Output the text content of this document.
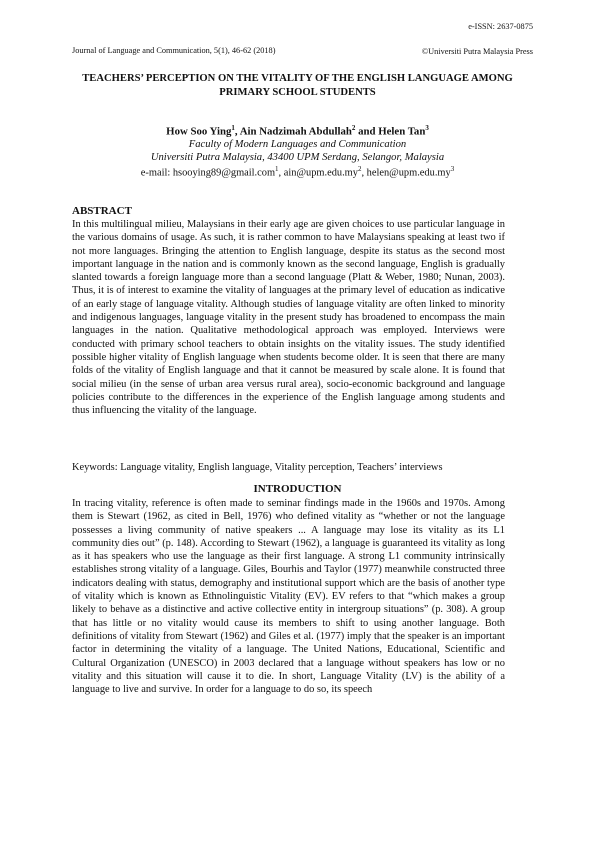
e-ISSN: 2637-0875
Journal of Language and Communication, 5(1), 46-62 (2018)	©Universiti Putra Malaysia Press
TEACHERS’ PERCEPTION ON THE VITALITY OF THE ENGLISH LANGUAGE AMONG PRIMARY SCHOOL STUDENTS
How Soo Ying$^1$, Ain Nadzimah Abdullah$^2$ and Helen Tan$^3$
Faculty of Modern Languages and Communication
Universiti Putra Malaysia, 43400 UPM Serdang, Selangor, Malaysia
e-mail: hsooying89@gmail.com$^1$, $ain@upm.edu.my^2$, $helen@upm.edu.my^3$
ABSTRACT

In this multilingual milieu, Malaysians in their early age are given choices to use particular language in the various domains of usage. As such, it is rather common to have Malaysians speaking at least two if not more languages. Bringing the attention to English language, despite its status as the second most important language in the nation and is commonly known as the second language, English is gradually slanted towards a foreign language more than a second language (Platt & Weber, 1980; Nunan, 2003). Thus, it is of interest to examine the vitality of languages at the primary level of education as indicative of an early stage of language vitality. Although studies of language vitality are often linked to minority and indigenous languages, language vitality in the present study has broadened to encompass the main languages in the nation. Qualitative methodological approach was employed. Interviews were conducted with primary school teachers to obtain insights on the vitality issues. The study identified possible higher vitality of English language when students become older. It is seen that there are many folds of the vitality of English language and that it cannot be measured by scale alone. It is found that social milieu (in the sense of urban area versus rural area), socio-economic background and language policies contribute to the differences in the experience of the English language among students and thus influencing the vitality of the language.

Keywords: Language vitality, English language, Vitality perception, Teachers’ interviews
INTRODUCTION

In tracing vitality, reference is often made to seminar findings made in the 1960s and 1970s. Among them is Stewart (1962, as cited in Bell, 1976) who defined vitality as “whether or not the language possesses a living community of native speakers ... A language may lose its vitality as its L1 community dies out” (p. 148). According to Stewart (1962), a language is guaranteed its vitality as long as it has speakers who use the language as their first language. A strong L1 community intrinsically establishes strong vitality of a language. Giles, Bourhis and Taylor (1977) meanwhile constructed three indicators dealing with status, demography and institutional support which are the basis of another type of vitality which is known as Ethnolinguistic Vitality (EV). EV refers to that “which makes a group likely to behave as a distinctive and active collective entity in intergroup situations” (p. 308). A group that has little or no vitality would cause its members to shift to using another language. Both definitions of vitality from Stewart (1962) and Giles et al. (1977) imply that the speaker is an important factor in determining the vitality of a language. The United Nations, Educational, Scientific and Cultural Organization (UNESCO) in 2003 declared that a language without speakers has low or no vitality and this situation will cause it to die. In short, Language Vitality (LV) is the ability of a language to live and survive. In order for a language to do so, its speech
